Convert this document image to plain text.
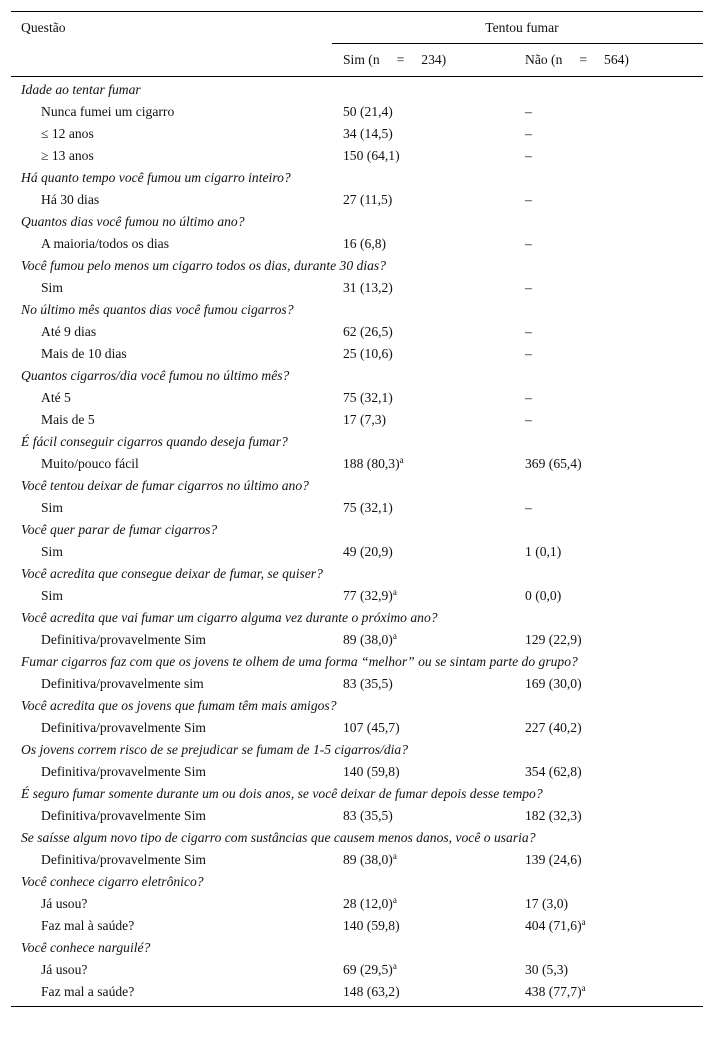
Questão	Tentou fumar
Sim (n     =     234)	Não (n     =     564)
Idade ao tentar fumar
Nunca fumei um cigarro	50 (21,4)	–
≤ 12 anos	34 (14,5)	–
≥ 13 anos	150 (64,1)	–
Há quanto tempo você fumou um cigarro inteiro?
Há 30 dias	27 (11,5)	–
Quantos dias você fumou no último ano?
A maioria/todos os dias	16 (6,8)	–
Você fumou pelo menos um cigarro todos os dias, durante 30 dias?
Sim	31 (13,2)	–
No último mês quantos dias você fumou cigarros?
Até 9 dias	62 (26,5)	–
Mais de 10 dias	25 (10,6)	–
Quantos cigarros/dia você fumou no último mês?
Até 5	75 (32,1)	–
Mais de 5	17 (7,3)	–
É fácil conseguir cigarros quando deseja fumar?
Muito/pouco fácil	188 $(80,3)^a$	369 (65,4)
Você tentou deixar de fumar cigarros no último ano?
Sim	75 (32,1)	–
Você quer parar de fumar cigarros?
Sim	49 (20,9)	1 (0,1)
Você acredita que consegue deixar de fumar, se quiser?
Sim	77 $(32,9)^a$	0 (0,0)
Você acredita que vai fumar um cigarro alguma vez durante o próximo ano?
Definitiva/provavelmente Sim	89 $(38,0)^a$	129 (22,9)
Fumar cigarros faz com que os jovens te olhem de uma forma “melhor” ou se sintam parte do grupo?
Definitiva/provavelmente sim	83 (35,5)	169 (30,0)
Você acredita que os jovens que fumam têm mais amigos?
Definitiva/provavelmente Sim	107 (45,7)	227 (40,2)
Os jovens correm risco de se prejudicar se fumam de 1-5 cigarros/dia?
Definitiva/provavelmente Sim	140 (59,8)	354 (62,8)
É seguro fumar somente durante um ou dois anos, se você deixar de fumar depois desse tempo?
Definitiva/provavelmente Sim	83 (35,5)	182 (32,3)
Se saísse algum novo tipo de cigarro com sustâncias que causem menos danos, você o usaria?
Definitiva/provavelmente Sim	89 $(38,0)^a$	139 (24,6)
Você conhece cigarro eletrônico?
Já usou?	28 $(12,0)^a$	17 (3,0)
Faz mal à saúde?	140 (59,8)	404 $(71,6)^a$
Você conhece narguilé?
Já usou?	69 $(29,5)^a$	30 (5,3)
Faz mal a saúde?	148 (63,2)	438 $(77,7)^a$
